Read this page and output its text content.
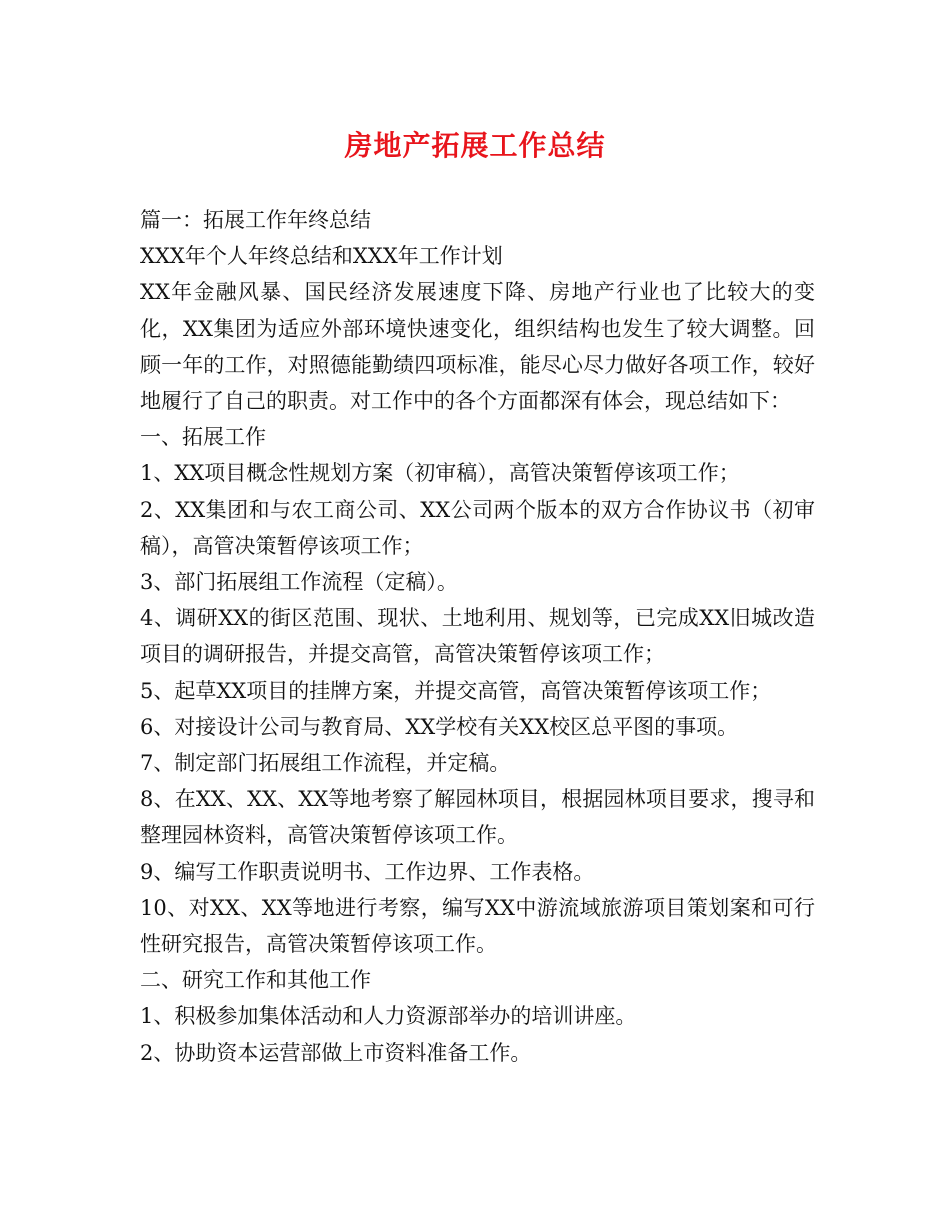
房地产拓展工作总结

篇一：拓展工作年终总结

XXX年个人年终总结和XXX年工作计划

XX年金融风暴、国民经济发展速度下降、房地产行业也了比较大的变化，XX集团为适应外部环境快速变化，组织结构也发生了较大调整。回顾一年的工作，对照德能勤绩四项标准，能尽心尽力做好各项工作，较好地履行了自己的职责。对工作中的各个方面都深有体会，现总结如下：

一、拓展工作

1、XX项目概念性规划方案（初审稿），高管决策暂停该项工作；

2、XX集团和与农工商公司、XX公司两个版本的双方合作协议书（初审稿），高管决策暂停该项工作；

3、部门拓展组工作流程（定稿）。

4、调研XX的街区范围、现状、土地利用、规划等，已完成XX旧城改造项目的调研报告，并提交高管，高管决策暂停该项工作；

5、起草XX项目的挂牌方案，并提交高管，高管决策暂停该项工作；

6、对接设计公司与教育局、XX学校有关XX校区总平图的事项。

7、制定部门拓展组工作流程，并定稿。

8、在XX、XX、XX等地考察了解园林项目，根据园林项目要求，搜寻和整理园林资料，高管决策暂停该项工作。

9、编写工作职责说明书、工作边界、工作表格。

10、对XX、XX等地进行考察，编写XX中游流域旅游项目策划案和可行性研究报告，高管决策暂停该项工作。

二、研究工作和其他工作

1、积极参加集体活动和人力资源部举办的培训讲座。

2、协助资本运营部做上市资料准备工作。
